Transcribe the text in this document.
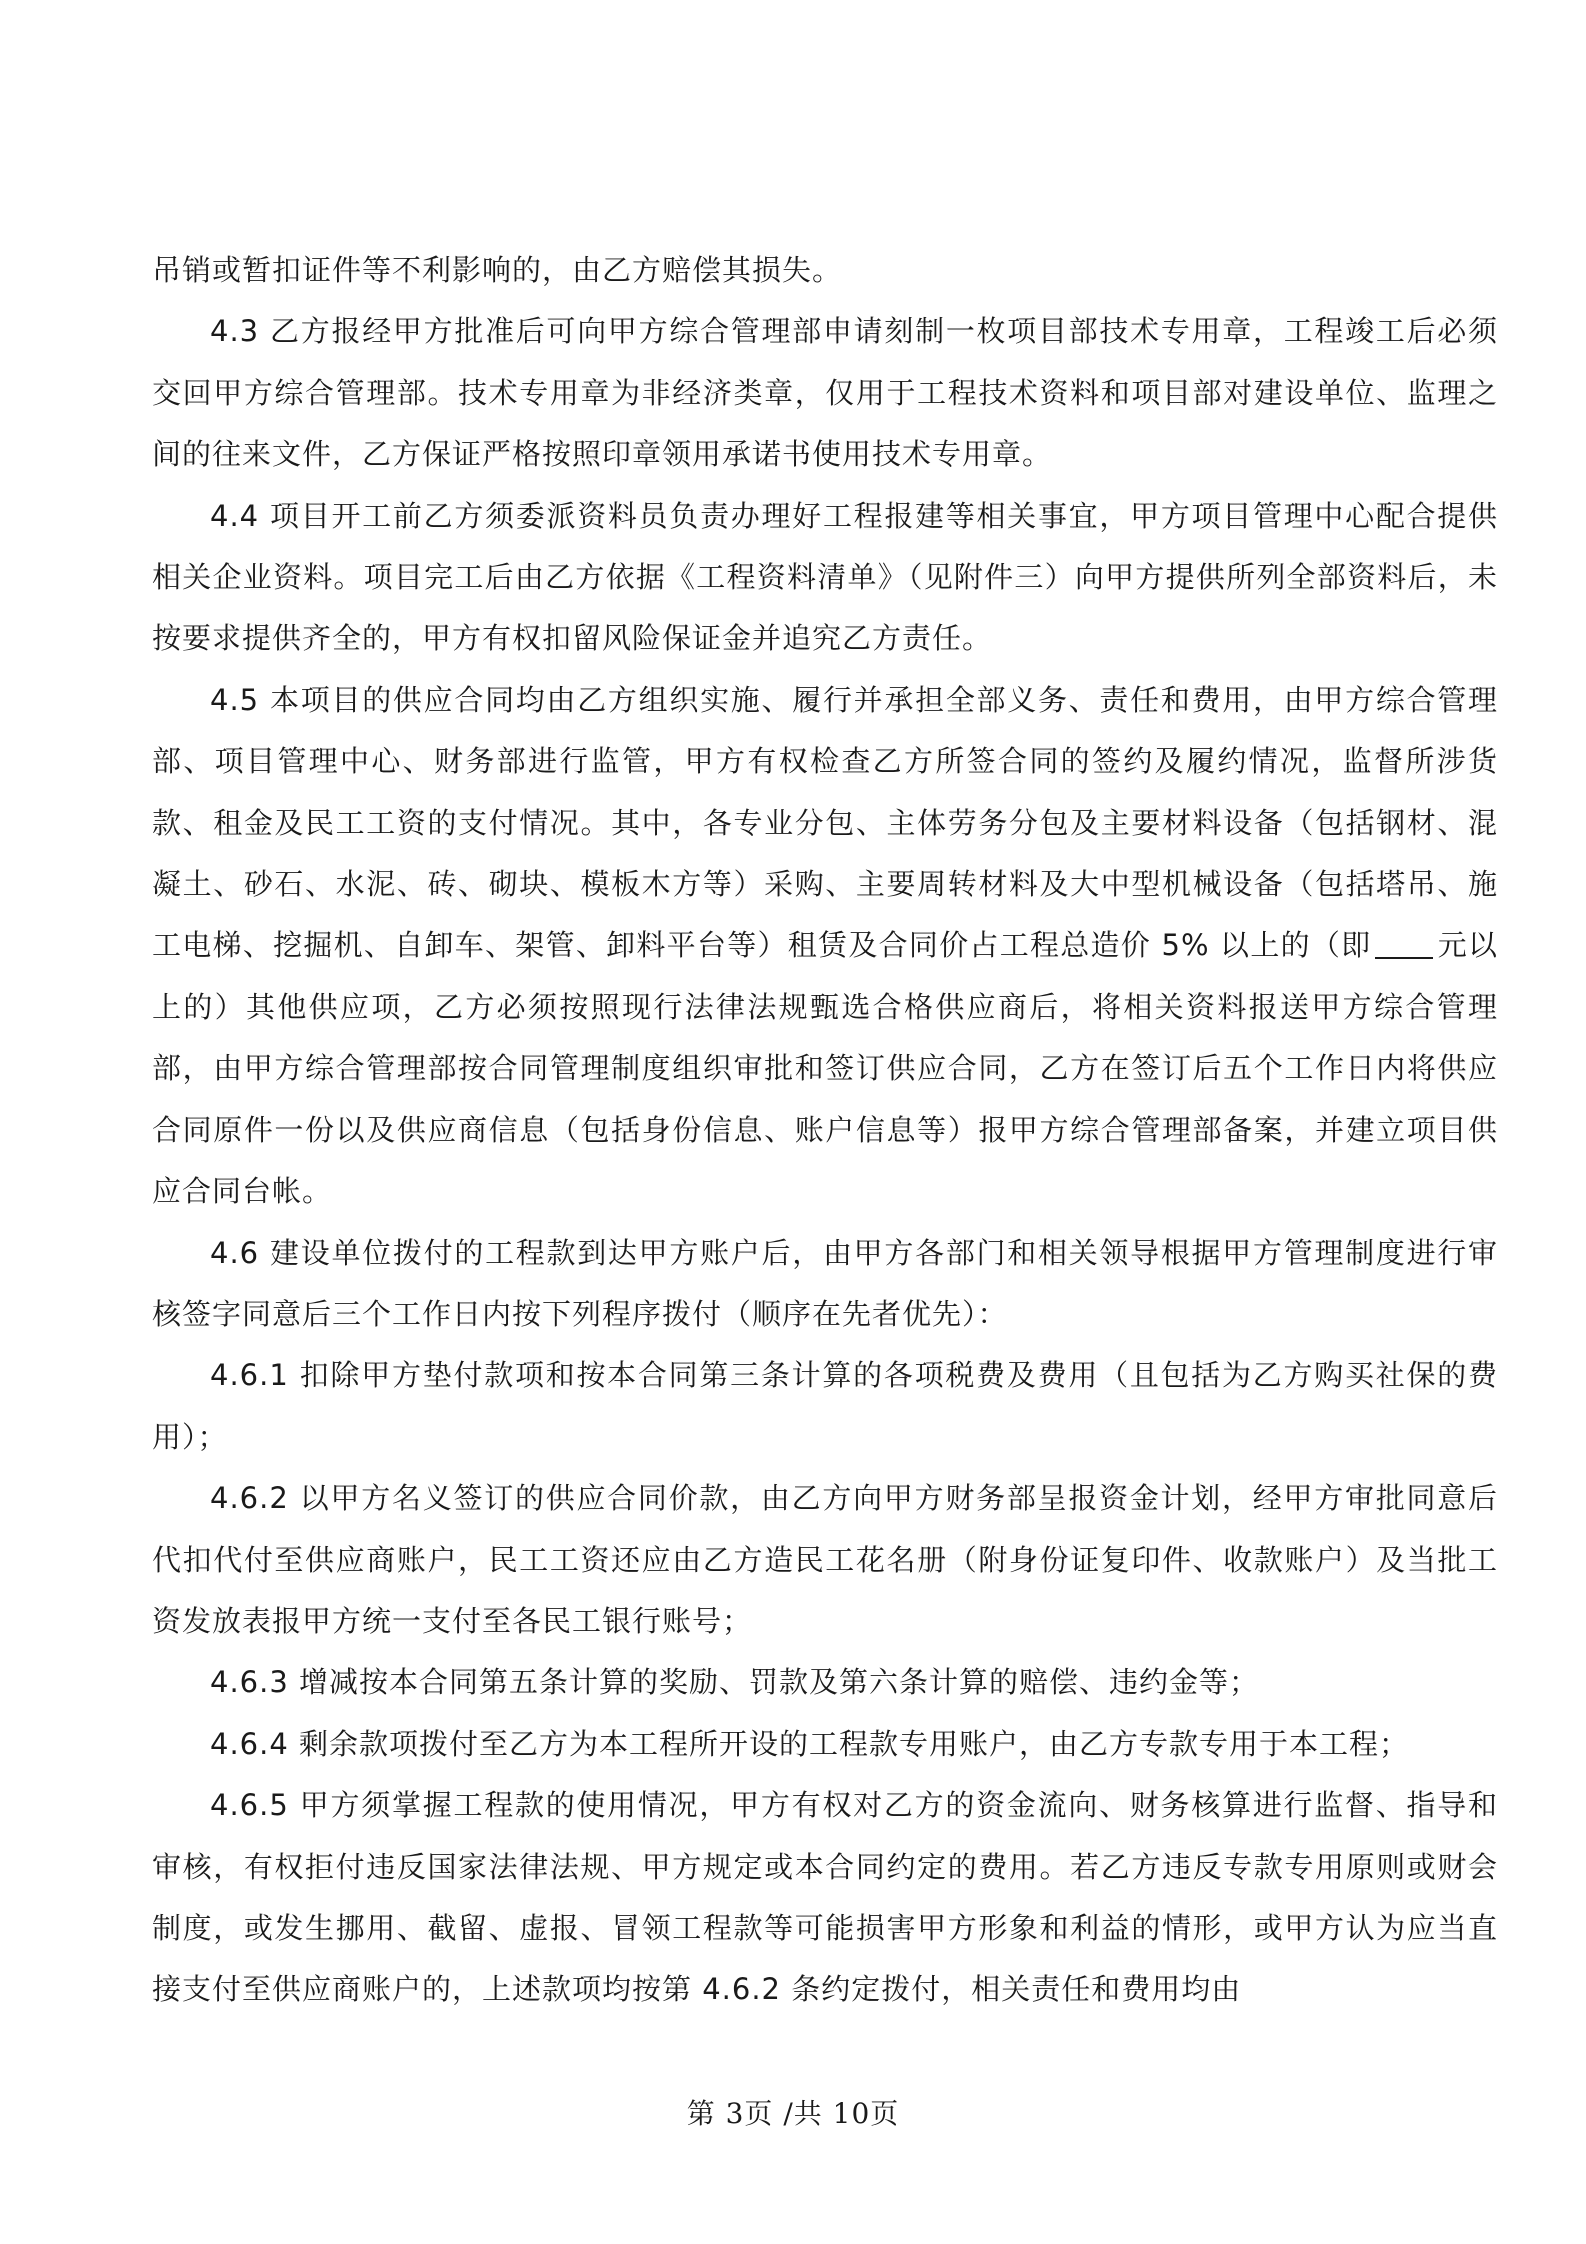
吊销或暂扣证件等不利影响的，由乙方赔偿其损失。

4.3 乙方报经甲方批准后可向甲方综合管理部申请刻制一枚项目部技术专用章，工程竣工后必须交回甲方综合管理部。技术专用章为非经济类章，仅用于工程技术资料和项目部对建设单位、监理之间的往来文件，乙方保证严格按照印章领用承诺书使用技术专用章。

4.4 项目开工前乙方须委派资料员负责办理好工程报建等相关事宜，甲方项目管理中心配合提供相关企业资料。项目完工后由乙方依据《工程资料清单》（见附件三）向甲方提供所列全部资料后，未按要求提供齐全的，甲方有权扣留风险保证金并追究乙方责任。

4.5 本项目的供应合同均由乙方组织实施、履行并承担全部义务、责任和费用，由甲方综合管理部、项目管理中心、财务部进行监管，甲方有权检查乙方所签合同的签约及履约情况，监督所涉货款、租金及民工工资的支付情况。其中，各专业分包、主体劳务分包及主要材料设备（包括钢材、混凝土、砂石、水泥、砖、砌块、模板木方等）采购、主要周转材料及大中型机械设备（包括塔吊、施工电梯、挖掘机、自卸车、架管、卸料平台等）租赁及合同价占工程总造价 5% 以上的（即 元以上的）其他供应项，乙方必须按照现行法律法规甄选合格供应商后，将相关资料报送甲方综合管理部，由甲方综合管理部按合同管理制度组织审批和签订供应合同，乙方在签订后五个工作日内将供应合同原件一份以及供应商信息（包括身份信息、账户信息等）报甲方综合管理部备案，并建立项目供应合同台帐。

4.6 建设单位拨付的工程款到达甲方账户后，由甲方各部门和相关领导根据甲方管理制度进行审核签字同意后三个工作日内按下列程序拨付（顺序在先者优先）：

4.6.1 扣除甲方垫付款项和按本合同第三条计算的各项税费及费用（且包括为乙方购买社保的费用）；

4.6.2 以甲方名义签订的供应合同价款，由乙方向甲方财务部呈报资金计划，经甲方审批同意后代扣代付至供应商账户，民工工资还应由乙方造民工花名册（附身份证复印件、收款账户）及当批工资发放表报甲方统一支付至各民工银行账号；

4.6.3 增减按本合同第五条计算的奖励、罚款及第六条计算的赔偿、违约金等；

4.6.4 剩余款项拨付至乙方为本工程所开设的工程款专用账户，由乙方专款专用于本工程；

4.6.5 甲方须掌握工程款的使用情况，甲方有权对乙方的资金流向、财务核算进行监督、指导和审核，有权拒付违反国家法律法规、甲方规定或本合同约定的费用。若乙方违反专款专用原则或财会制度，或发生挪用、截留、虚报、冒领工程款等可能损害甲方形象和利益的情形，或甲方认为应当直接支付至供应商账户的，上述款项均按第 4.6.2 条约定拨付，相关责任和费用均由

第 3页 /共 10页
